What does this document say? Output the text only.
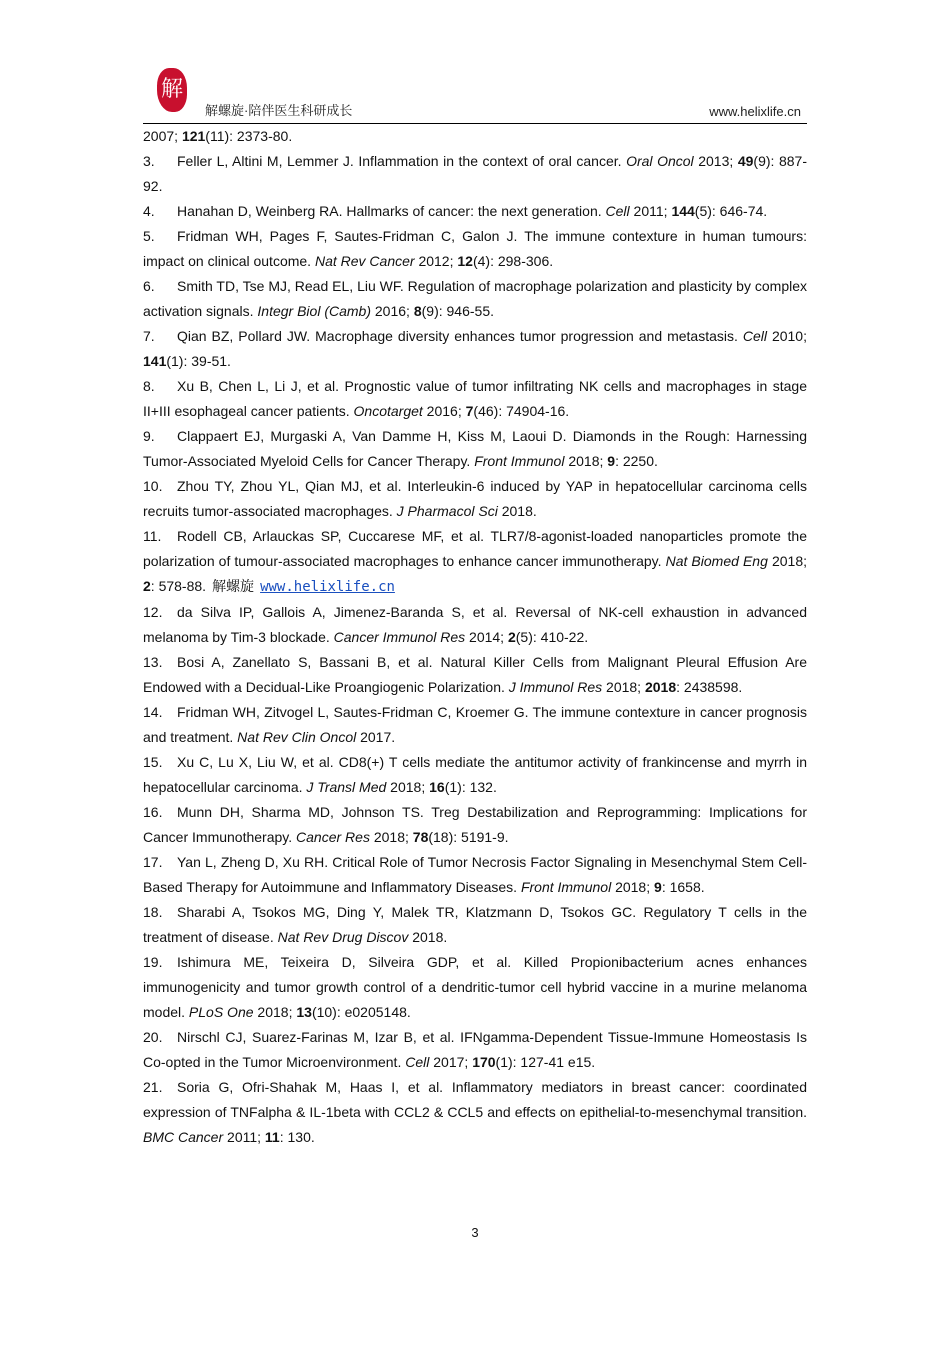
解
解螺旋·陪伴医生科研成长	www.helixlife.cn

2007; 121(11): 2373-80.

3. Feller L, Altini M, Lemmer J. Inflammation in the context of oral cancer. Oral Oncol 2013; 49(9): 887-92.

4. Hanahan D, Weinberg RA. Hallmarks of cancer: the next generation. Cell 2011; 144(5): 646-74.

5. Fridman WH, Pages F, Sautes-Fridman C, Galon J. The immune contexture in human tumours: impact on clinical outcome. Nat Rev Cancer 2012; 12(4): 298-306.

6. Smith TD, Tse MJ, Read EL, Liu WF. Regulation of macrophage polarization and plasticity by complex activation signals. Integr Biol (Camb) 2016; 8(9): 946-55.

7. Qian BZ, Pollard JW. Macrophage diversity enhances tumor progression and metastasis. Cell 2010; 141(1): 39-51.

8. Xu B, Chen L, Li J, et al. Prognostic value of tumor infiltrating NK cells and macrophages in stage II+III esophageal cancer patients. Oncotarget 2016; 7(46): 74904-16.

9. Clappaert EJ, Murgaski A, Van Damme H, Kiss M, Laoui D. Diamonds in the Rough: Harnessing Tumor-Associated Myeloid Cells for Cancer Therapy. Front Immunol 2018; 9: 2250.

10. Zhou TY, Zhou YL, Qian MJ, et al. Interleukin-6 induced by YAP in hepatocellular carcinoma cells recruits tumor-associated macrophages. J Pharmacol Sci 2018.

11. Rodell CB, Arlauckas SP, Cuccarese MF, et al. TLR7/8-agonist-loaded nanoparticles promote the polarization of tumour-associated macrophages to enhance cancer immunotherapy. Nat Biomed Eng 2018; 2: 578-88. 解螺旋 www.helixlife.cn

12. da Silva IP, Gallois A, Jimenez-Baranda S, et al. Reversal of NK-cell exhaustion in advanced melanoma by Tim-3 blockade. Cancer Immunol Res 2014; 2(5): 410-22.

13. Bosi A, Zanellato S, Bassani B, et al. Natural Killer Cells from Malignant Pleural Effusion Are Endowed with a Decidual-Like Proangiogenic Polarization. J Immunol Res 2018; 2018: 2438598.

14. Fridman WH, Zitvogel L, Sautes-Fridman C, Kroemer G. The immune contexture in cancer prognosis and treatment. Nat Rev Clin Oncol 2017.

15. Xu C, Lu X, Liu W, et al. CD8(+) T cells mediate the antitumor activity of frankincense and myrrh in hepatocellular carcinoma. J Transl Med 2018; 16(1): 132.

16. Munn DH, Sharma MD, Johnson TS. Treg Destabilization and Reprogramming: Implications for Cancer Immunotherapy. Cancer Res 2018; 78(18): 5191-9.

17. Yan L, Zheng D, Xu RH. Critical Role of Tumor Necrosis Factor Signaling in Mesenchymal Stem Cell-Based Therapy for Autoimmune and Inflammatory Diseases. Front Immunol 2018; 9: 1658.

18. Sharabi A, Tsokos MG, Ding Y, Malek TR, Klatzmann D, Tsokos GC. Regulatory T cells in the treatment of disease. Nat Rev Drug Discov 2018.

19. Ishimura ME, Teixeira D, Silveira GDP, et al. Killed Propionibacterium acnes enhances immunogenicity and tumor growth control of a dendritic-tumor cell hybrid vaccine in a murine melanoma model. PLoS One 2018; 13(10): e0205148.

20. Nirschl CJ, Suarez-Farinas M, Izar B, et al. IFNgamma-Dependent Tissue-Immune Homeostasis Is Co-opted in the Tumor Microenvironment. Cell 2017; 170(1): 127-41 e15.

21. Soria G, Ofri-Shahak M, Haas I, et al. Inflammatory mediators in breast cancer: coordinated expression of TNFalpha & IL-1beta with CCL2 & CCL5 and effects on epithelial-to-mesenchymal transition. BMC Cancer 2011; 11: 130.

3
